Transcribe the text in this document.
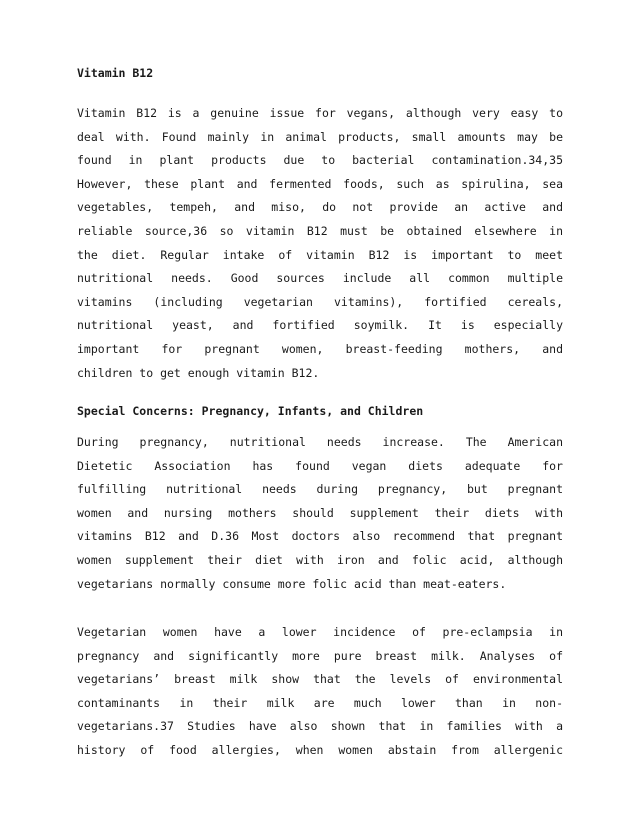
Vitamin B12
Vitamin B12 is a genuine issue for vegans, although very easy to
deal with. Found mainly in animal products, small amounts may be
found in plant products due to bacterial contamination.34,35
However, these plant and fermented foods, such as spirulina, sea
vegetables, tempeh, and miso, do not provide an active and
reliable source,36 so vitamin B12 must be obtained elsewhere in
the diet. Regular intake of vitamin B12 is important to meet
nutritional needs. Good sources include all common multiple
vitamins (including vegetarian vitamins), fortified cereals,
nutritional yeast, and fortified soymilk. It is especially
important for pregnant women, breast-feeding mothers, and
children to get enough vitamin B12.
Special Concerns: Pregnancy, Infants, and Children
During pregnancy, nutritional needs increase. The American
Dietetic Association has found vegan diets adequate for
fulfilling nutritional needs during pregnancy, but pregnant
women and nursing mothers should supplement their diets with
vitamins B12 and D.36 Most doctors also recommend that pregnant
women supplement their diet with iron and folic acid, although
vegetarians normally consume more folic acid than meat-eaters.
Vegetarian women have a lower incidence of pre-eclampsia in
pregnancy and significantly more pure breast milk. Analyses of
vegetarians’ breast milk show that the levels of environmental
contaminants in their milk are much lower than in non-
vegetarians.37 Studies have also shown that in families with a
history of food allergies, when women abstain from allergenic
